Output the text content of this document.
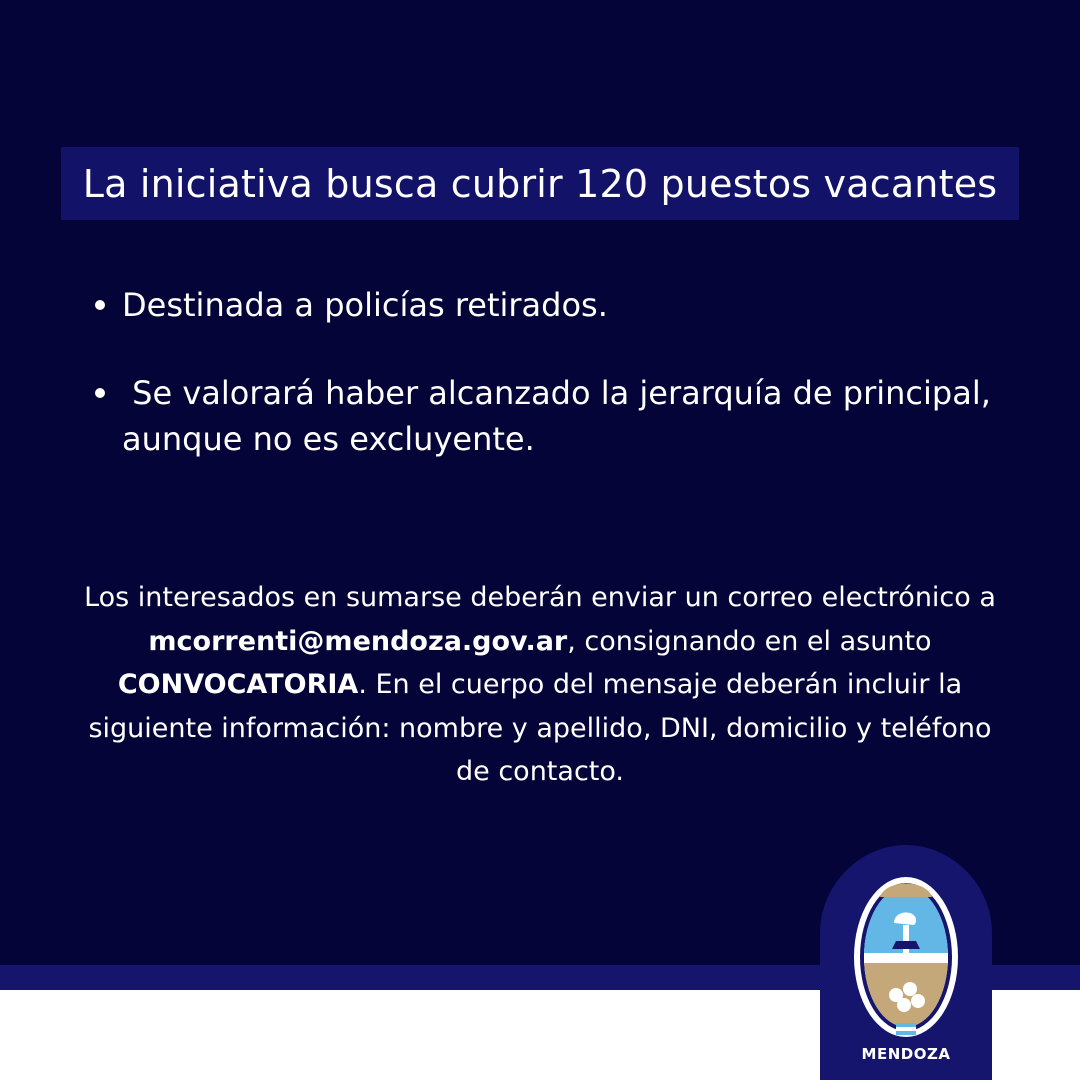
La iniciativa busca cubrir 120 puestos vacantes
Destinada a policías retirados.
Se valorará haber alcanzado la jerarquía de principal, aunque no es excluyente.
Los interesados en sumarse deberán enviar un correo electrónico a mcorrenti@mendoza.gov.ar, consignando en el asunto CONVOCATORIA. En el cuerpo del mensaje deberán incluir la siguiente información: nombre y apellido, DNI, domicilio y teléfono de contacto.
MENDOZA
